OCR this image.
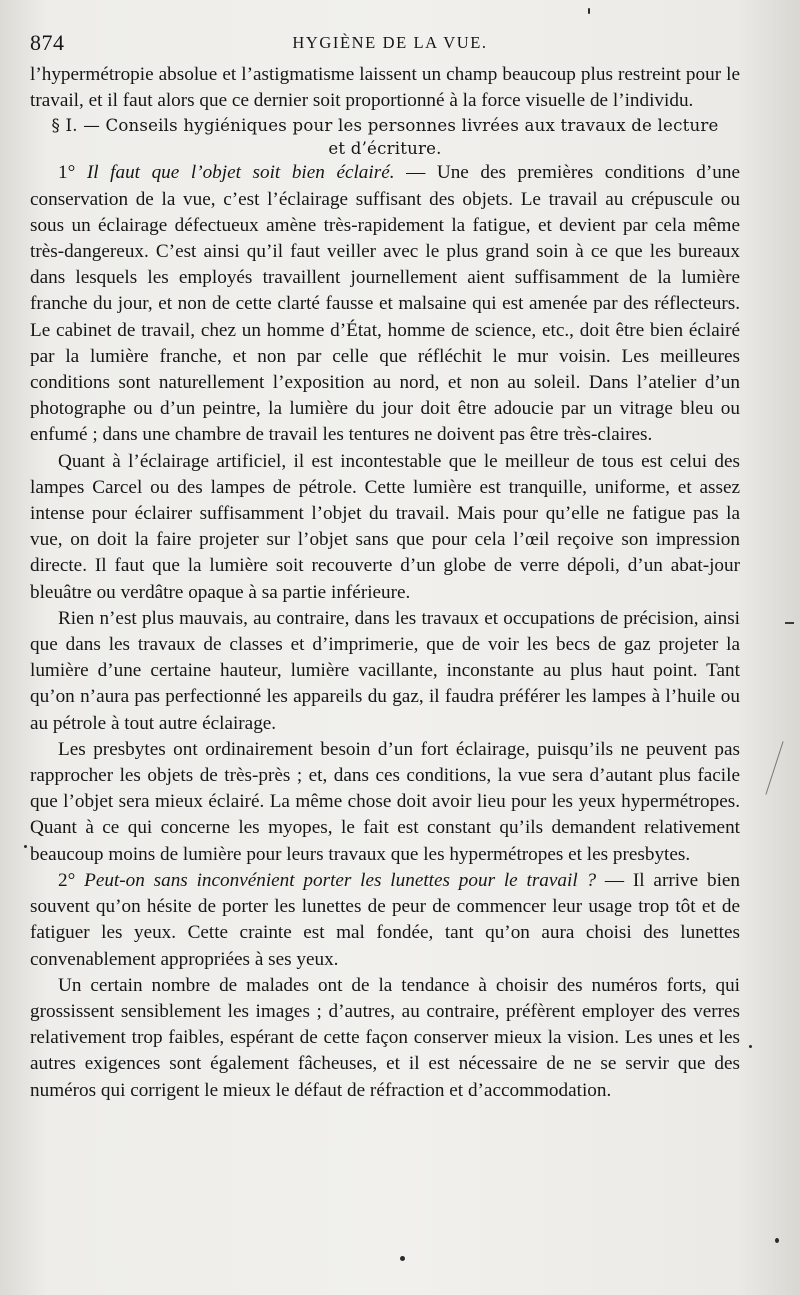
874	HYGIÈNE DE LA VUE.

l’hypermétropie absolue et l’astigmatisme laissent un champ beaucoup plus restreint pour le travail, et il faut alors que ce dernier soit proportionné à la force visuelle de l’individu.

§ I. — Conseils hygiéniques pour les personnes livrées aux travaux de lecture et d’écriture.

1° Il faut que l’objet soit bien éclairé. — Une des premières conditions d’une conservation de la vue, c’est l’éclairage suffisant des objets. Le travail au crépuscule ou sous un éclairage défectueux amène très-rapidement la fatigue, et devient par cela même très-dangereux. C’est ainsi qu’il faut veiller avec le plus grand soin à ce que les bureaux dans lesquels les employés travaillent journellement aient suffisamment de la lumière franche du jour, et non de cette clarté fausse et malsaine qui est amenée par des réflecteurs. Le cabinet de travail, chez un homme d’État, homme de science, etc., doit être bien éclairé par la lumière franche, et non par celle que réfléchit le mur voisin. Les meilleures conditions sont naturellement l’exposition au nord, et non au soleil. Dans l’atelier d’un photographe ou d’un peintre, la lumière du jour doit être adoucie par un vitrage bleu ou enfumé ; dans une chambre de travail les tentures ne doivent pas être très-claires.

Quant à l’éclairage artificiel, il est incontestable que le meilleur de tous est celui des lampes Carcel ou des lampes de pétrole. Cette lumière est tranquille, uniforme, et assez intense pour éclairer suffisamment l’objet du travail. Mais pour qu’elle ne fatigue pas la vue, on doit la faire projeter sur l’objet sans que pour cela l’œil reçoive son impression directe. Il faut que la lumière soit recouverte d’un globe de verre dépoli, d’un abat-jour bleuâtre ou verdâtre opaque à sa partie inférieure.

Rien n’est plus mauvais, au contraire, dans les travaux et occupations de précision, ainsi que dans les travaux de classes et d’imprimerie, que de voir les becs de gaz projeter la lumière d’une certaine hauteur, lumière vacillante, inconstante au plus haut point. Tant qu’on n’aura pas perfectionné les appareils du gaz, il faudra préférer les lampes à l’huile ou au pétrole à tout autre éclairage.

Les presbytes ont ordinairement besoin d’un fort éclairage, puisqu’ils ne peuvent pas rapprocher les objets de très-près ; et, dans ces conditions, la vue sera d’autant plus facile que l’objet sera mieux éclairé. La même chose doit avoir lieu pour les yeux hypermétropes. Quant à ce qui concerne les myopes, le fait est constant qu’ils demandent relativement beaucoup moins de lumière pour leurs travaux que les hypermétropes et les presbytes.

2° Peut-on sans inconvénient porter les lunettes pour le travail ? — Il arrive bien souvent qu’on hésite de porter les lunettes de peur de commencer leur usage trop tôt et de fatiguer les yeux. Cette crainte est mal fondée, tant qu’on aura choisi des lunettes convenablement appropriées à ses yeux.

Un certain nombre de malades ont de la tendance à choisir des numéros forts, qui grossissent sensiblement les images ; d’autres, au contraire, préfèrent employer des verres relativement trop faibles, espérant de cette façon conserver mieux la vision. Les unes et les autres exigences sont également fâcheuses, et il est nécessaire de ne se servir que des numéros qui corrigent le mieux le défaut de réfraction et d’accommodation.
